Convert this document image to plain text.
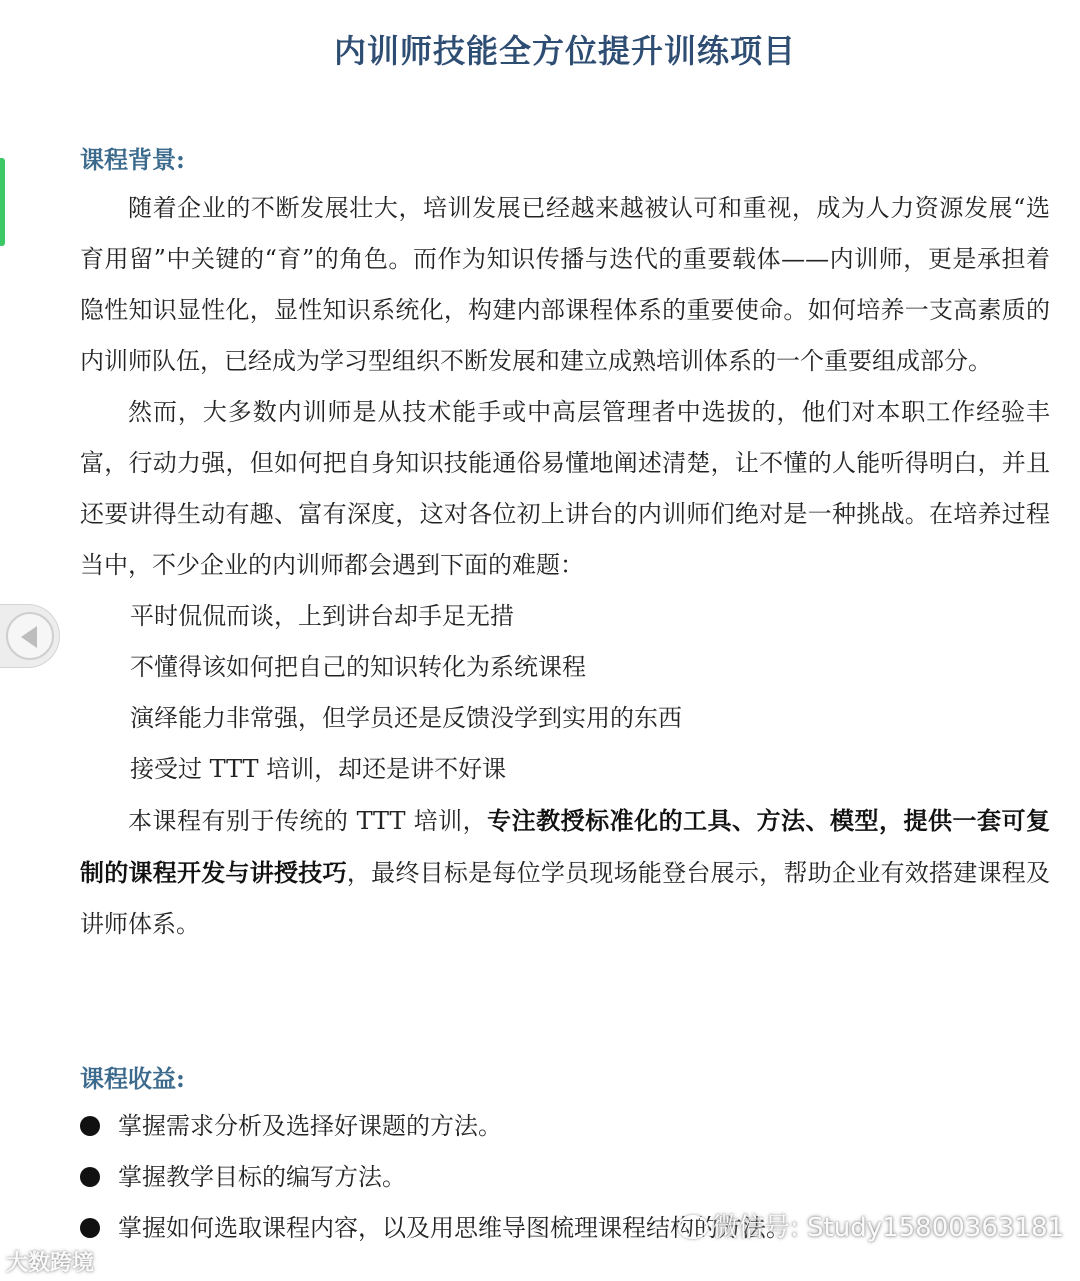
内训师技能全方位提升训练项目
课程背景:

随着企业的不断发展壮大，培训发展已经越来越被认可和重视，成为人力资源发展“选育用留”中关键的“育”的角色。而作为知识传播与迭代的重要载体——内训师，更是承担着隐性知识显性化，显性知识系统化，构建内部课程体系的重要使命。如何培养一支高素质的内训师队伍，已经成为学习型组织不断发展和建立成熟培训体系的一个重要组成部分。

然而，大多数内训师是从技术能手或中高层管理者中选拔的，他们对本职工作经验丰富，行动力强，但如何把自身知识技能通俗易懂地阐述清楚，让不懂的人能听得明白，并且还要讲得生动有趣、富有深度，这对各位初上讲台的内训师们绝对是一种挑战。在培养过程当中，不少企业的内训师都会遇到下面的难题：

平时侃侃而谈，上到讲台却手足无措

不懂得该如何把自己的知识转化为系统课程

演绎能力非常强，但学员还是反馈没学到实用的东西

接受过 TTT 培训，却还是讲不好课

本课程有别于传统的 TTT 培训，专注教授标准化的工具、方法、模型，提供一套可复制的课程开发与讲授技巧，最终目标是每位学员现场能登台展示，帮助企业有效搭建课程及讲师体系。

课程收益:
掌握需求分析及选择好课题的方法。
掌握教学目标的编写方法。
掌握如何选取课程内容，以及用思维导图梳理课程结构的方法。
大数跨境
微信号: Study15800363181
